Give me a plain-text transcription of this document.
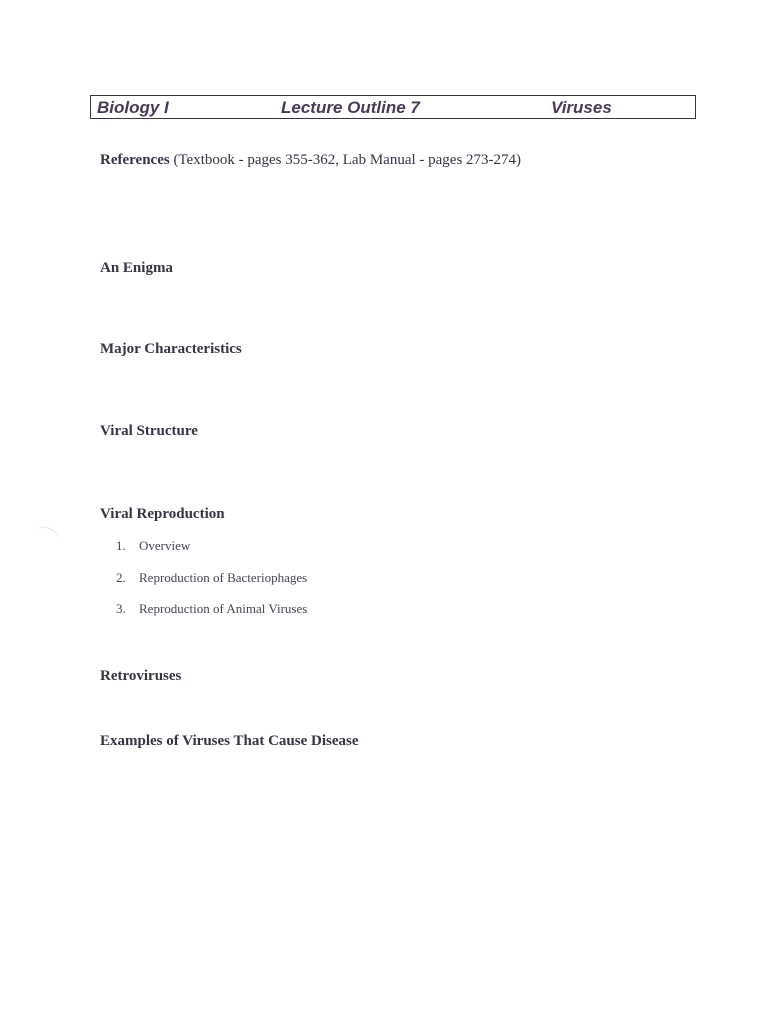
Biology I	Lecture Outline 7	Viruses
References (Textbook - pages 355-362, Lab Manual - pages 273-274)
An Enigma
Major Characteristics
Viral Structure
Viral Reproduction
1. Overview
2. Reproduction of Bacteriophages
3. Reproduction of Animal Viruses
Retroviruses
Examples of Viruses That Cause Disease
